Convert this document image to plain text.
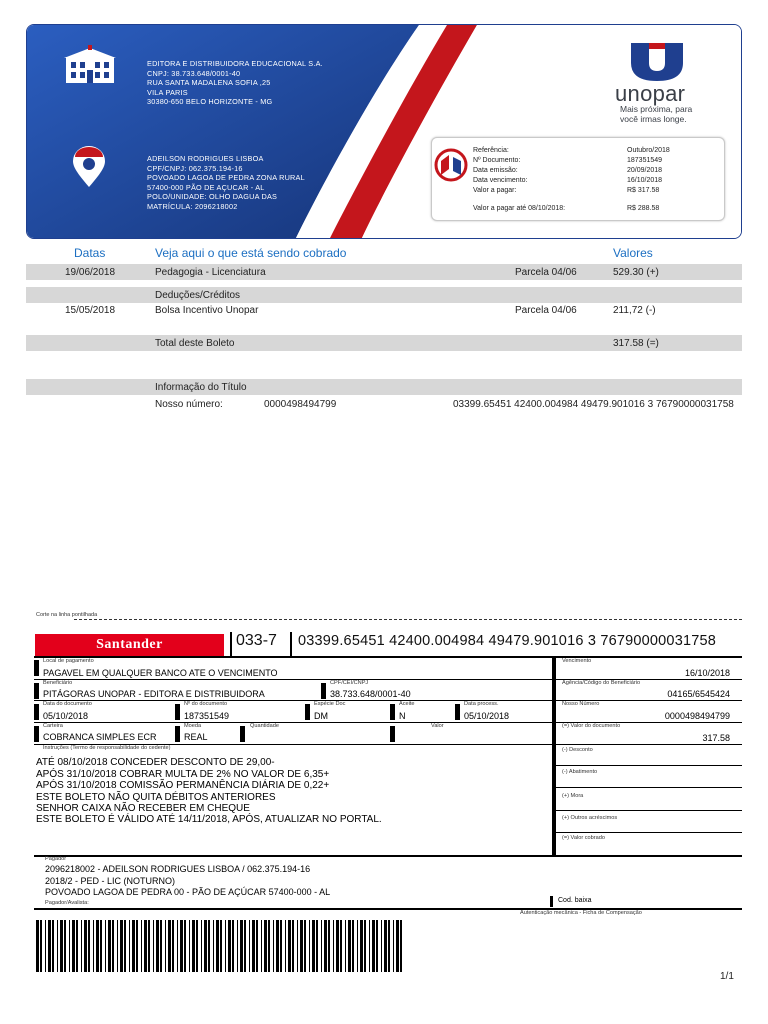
EDITORA E DISTRIBUIDORA EDUCACIONAL S.A.
CNPJ: 38.733.648/0001-40
RUA SANTA MADALENA SOFIA ,25
VILA PARIS
30380-650 BELO HORIZONTE - MG
ADEILSON RODRIGUES LISBOA
CPF/CNPJ: 062.375.194-16
POVOADO LAGOA DE PEDRA ZONA RURAL
57400-000 PÃO DE AÇUCAR - AL
POLO/UNIDADE: OLHO DAGUA DAS
MATRÍCULA: 2096218002
unopar
Mais próxima, para
você irmas longe.
Referência:	Outubro/2018
Nº Documento:	187351549
Data emissão:	20/09/2018
Data vencimento:	16/10/2018
Valor a pagar:	R$ 317.58
Valor a pagar até 08/10/2018:	R$ 288.58
Datas	Veja aqui o que está sendo cobrado	Valores
19/06/2018	Pedagogia - Licenciatura	Parcela 04/06	529.30 (+)
Deduções/Créditos
15/05/2018	Bolsa Incentivo Unopar	Parcela 04/06	211,72 (-)
Total deste Boleto	317.58 (=)
Informação do Título
Nosso número:	0000498494799	03399.65451 42400.004984 49479.901016 3 76790000031758
Corte na linha pontilhada
Santander	033-7 03399.65451 42400.004984 49479.901016 3 76790000031758
Local de pagamento
PAGAVEL EM QUALQUER BANCO ATE O VENCIMENTO
Vencimento
16/10/2018
Beneficiário
PITÁGORAS UNOPAR - EDITORA E DISTRIBUIDORA
CPF/CEI/CNPJ
38.733.648/0001-40
Agência/Código do Beneficiário
04165/6545424
Data do documento
05/10/2018
Nº do documento
187351549
Espécie Doc
DM
Aceite
N
Data process.
05/10/2018
Nosso Número
0000498494799
Carteira
COBRANCA SIMPLES ECR
Moeda
REAL
Quantidade	Valor	(=) Valor do documento
317.58
Instruções (Termo de responsabilidade do cedente)
ATÉ 08/10/2018 CONCEDER DESCONTO DE 29,00-
APÓS 31/10/2018 COBRAR MULTA DE 2% NO VALOR DE 6,35+
APÓS 31/10/2018 COMISSÃO PERMANÊNCIA DIÁRIA DE 0,22+
ESTE BOLETO NÃO QUITA DÉBITOS ANTERIORES
SENHOR CAIXA NÃO RECEBER EM CHEQUE
ESTE BOLETO É VÁLIDO ATÉ 14/11/2018, APÓS, ATUALIZAR NO PORTAL.
(-) Desconto
(-) Abatimento
(+) Mora
(+) Outros acréscimos
(=) Valor cobrado
Pagador
2096218002 - ADEILSON RODRIGUES LISBOA / 062.375.194-16
2018/2 - PED - LIC (NOTURNO)
POVOADO LAGOA DE PEDRA 00 - PÃO DE AÇÚCAR 57400-000 - AL
Pagador/Avalista:	Cod. baixa
Autenticação mecânica - Ficha de Compensação
1/1
